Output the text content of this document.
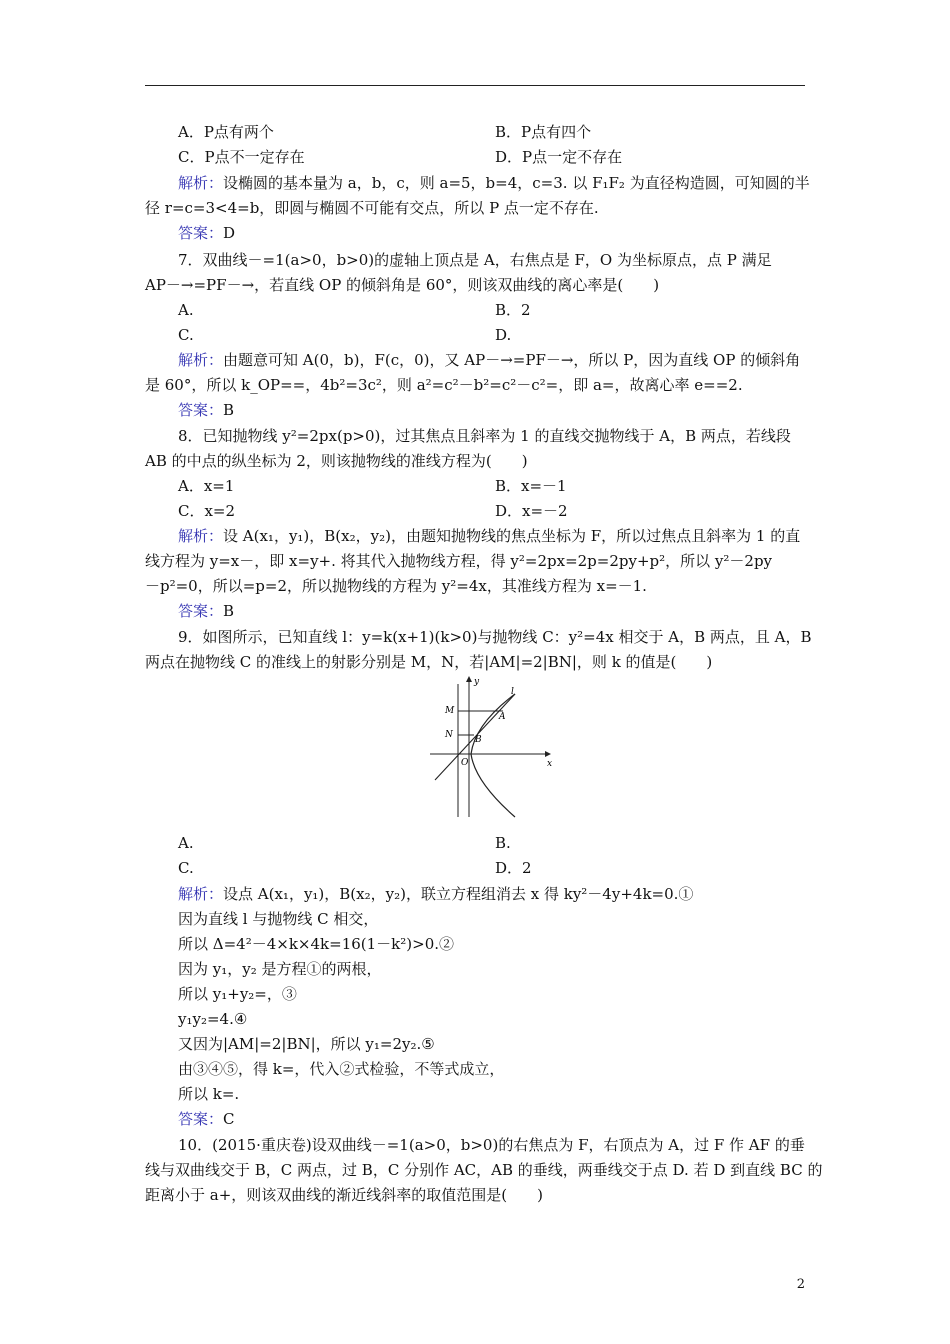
A．P点有两个	B．P点有四个
C．P点不一定存在	D．P点一定不存在
解析：设椭圆的基本量为 a，b，c，则 a=5，b=4，c=3. 以 F₁F₂ 为直径构造圆，可知圆的半
径 r=c=3<4=b，即圆与椭圆不可能有交点，所以 P 点一定不存在.
答案：D
7．双曲线－=1(a>0，b>0)的虚轴上顶点是 A，右焦点是 F，O 为坐标原点，点 P 满足
AP－→=PF－→，若直线 OP 的倾斜角是 60°，则该双曲线的离心率是(　　)
A.	B．2
C.	D.
解析：由题意可知 A(0，b)，F(c，0)，又 AP－→=PF－→，所以 P，因为直线 OP 的倾斜角
是 60°，所以 k_OP==，4b²=3c²，则 a²=c²－b²=c²－c²=，即 a=，故离心率 e==2.
答案：B
8．已知抛物线 y²=2px(p>0)，过其焦点且斜率为 1 的直线交抛物线于 A，B 两点，若线段
AB 的中点的纵坐标为 2，则该抛物线的准线方程为(　　)
A．x=1	B．x=－1
C．x=2	D．x=－2
解析：设 A(x₁，y₁)，B(x₂，y₂)，由题知抛物线的焦点坐标为 F，所以过焦点且斜率为 1 的直
线方程为 y=x－，即 x=y+. 将其代入抛物线方程，得 y²=2px=2p=2py+p²，所以 y²－2py
－p²=0，所以=p=2，所以抛物线的方程为 y²=4x，其准线方程为 x=－1.
答案：B
9．如图所示，已知直线 l：y=k(x+1)(k>0)与抛物线 C：y²=4x 相交于 A，B 两点，且 A，B
两点在抛物线 C 的准线上的射影分别是 M，N，若|AM|=2|BN|，则 k 的值是(　　)
A.	B.
C.	D．2
解析：设点 A(x₁，y₁)，B(x₂，y₂)，联立方程组消去 x 得 ky²－4y+4k=0.①
因为直线 l 与抛物线 C 相交，
所以 Δ=4²－4×k×4k=16(1－k²)>0.②
因为 y₁，y₂ 是方程①的两根，
所以 y₁+y₂=，③
y₁y₂=4.④
又因为|AM|=2|BN|，所以 y₁=2y₂.⑤
由③④⑤，得 k=，代入②式检验，不等式成立，
所以 k=.
答案：C
10．(2015·重庆卷)设双曲线－=1(a>0，b>0)的右焦点为 F，右顶点为 A，过 F 作 AF 的垂
线与双曲线交于 B，C 两点，过 B，C 分别作 AC，AB 的垂线，两垂线交于点 D. 若 D 到直线 BC 的
距离小于 a+，则该双曲线的渐近线斜率的取值范围是(　　)
y
x
O
M
N
A
B
l
2
